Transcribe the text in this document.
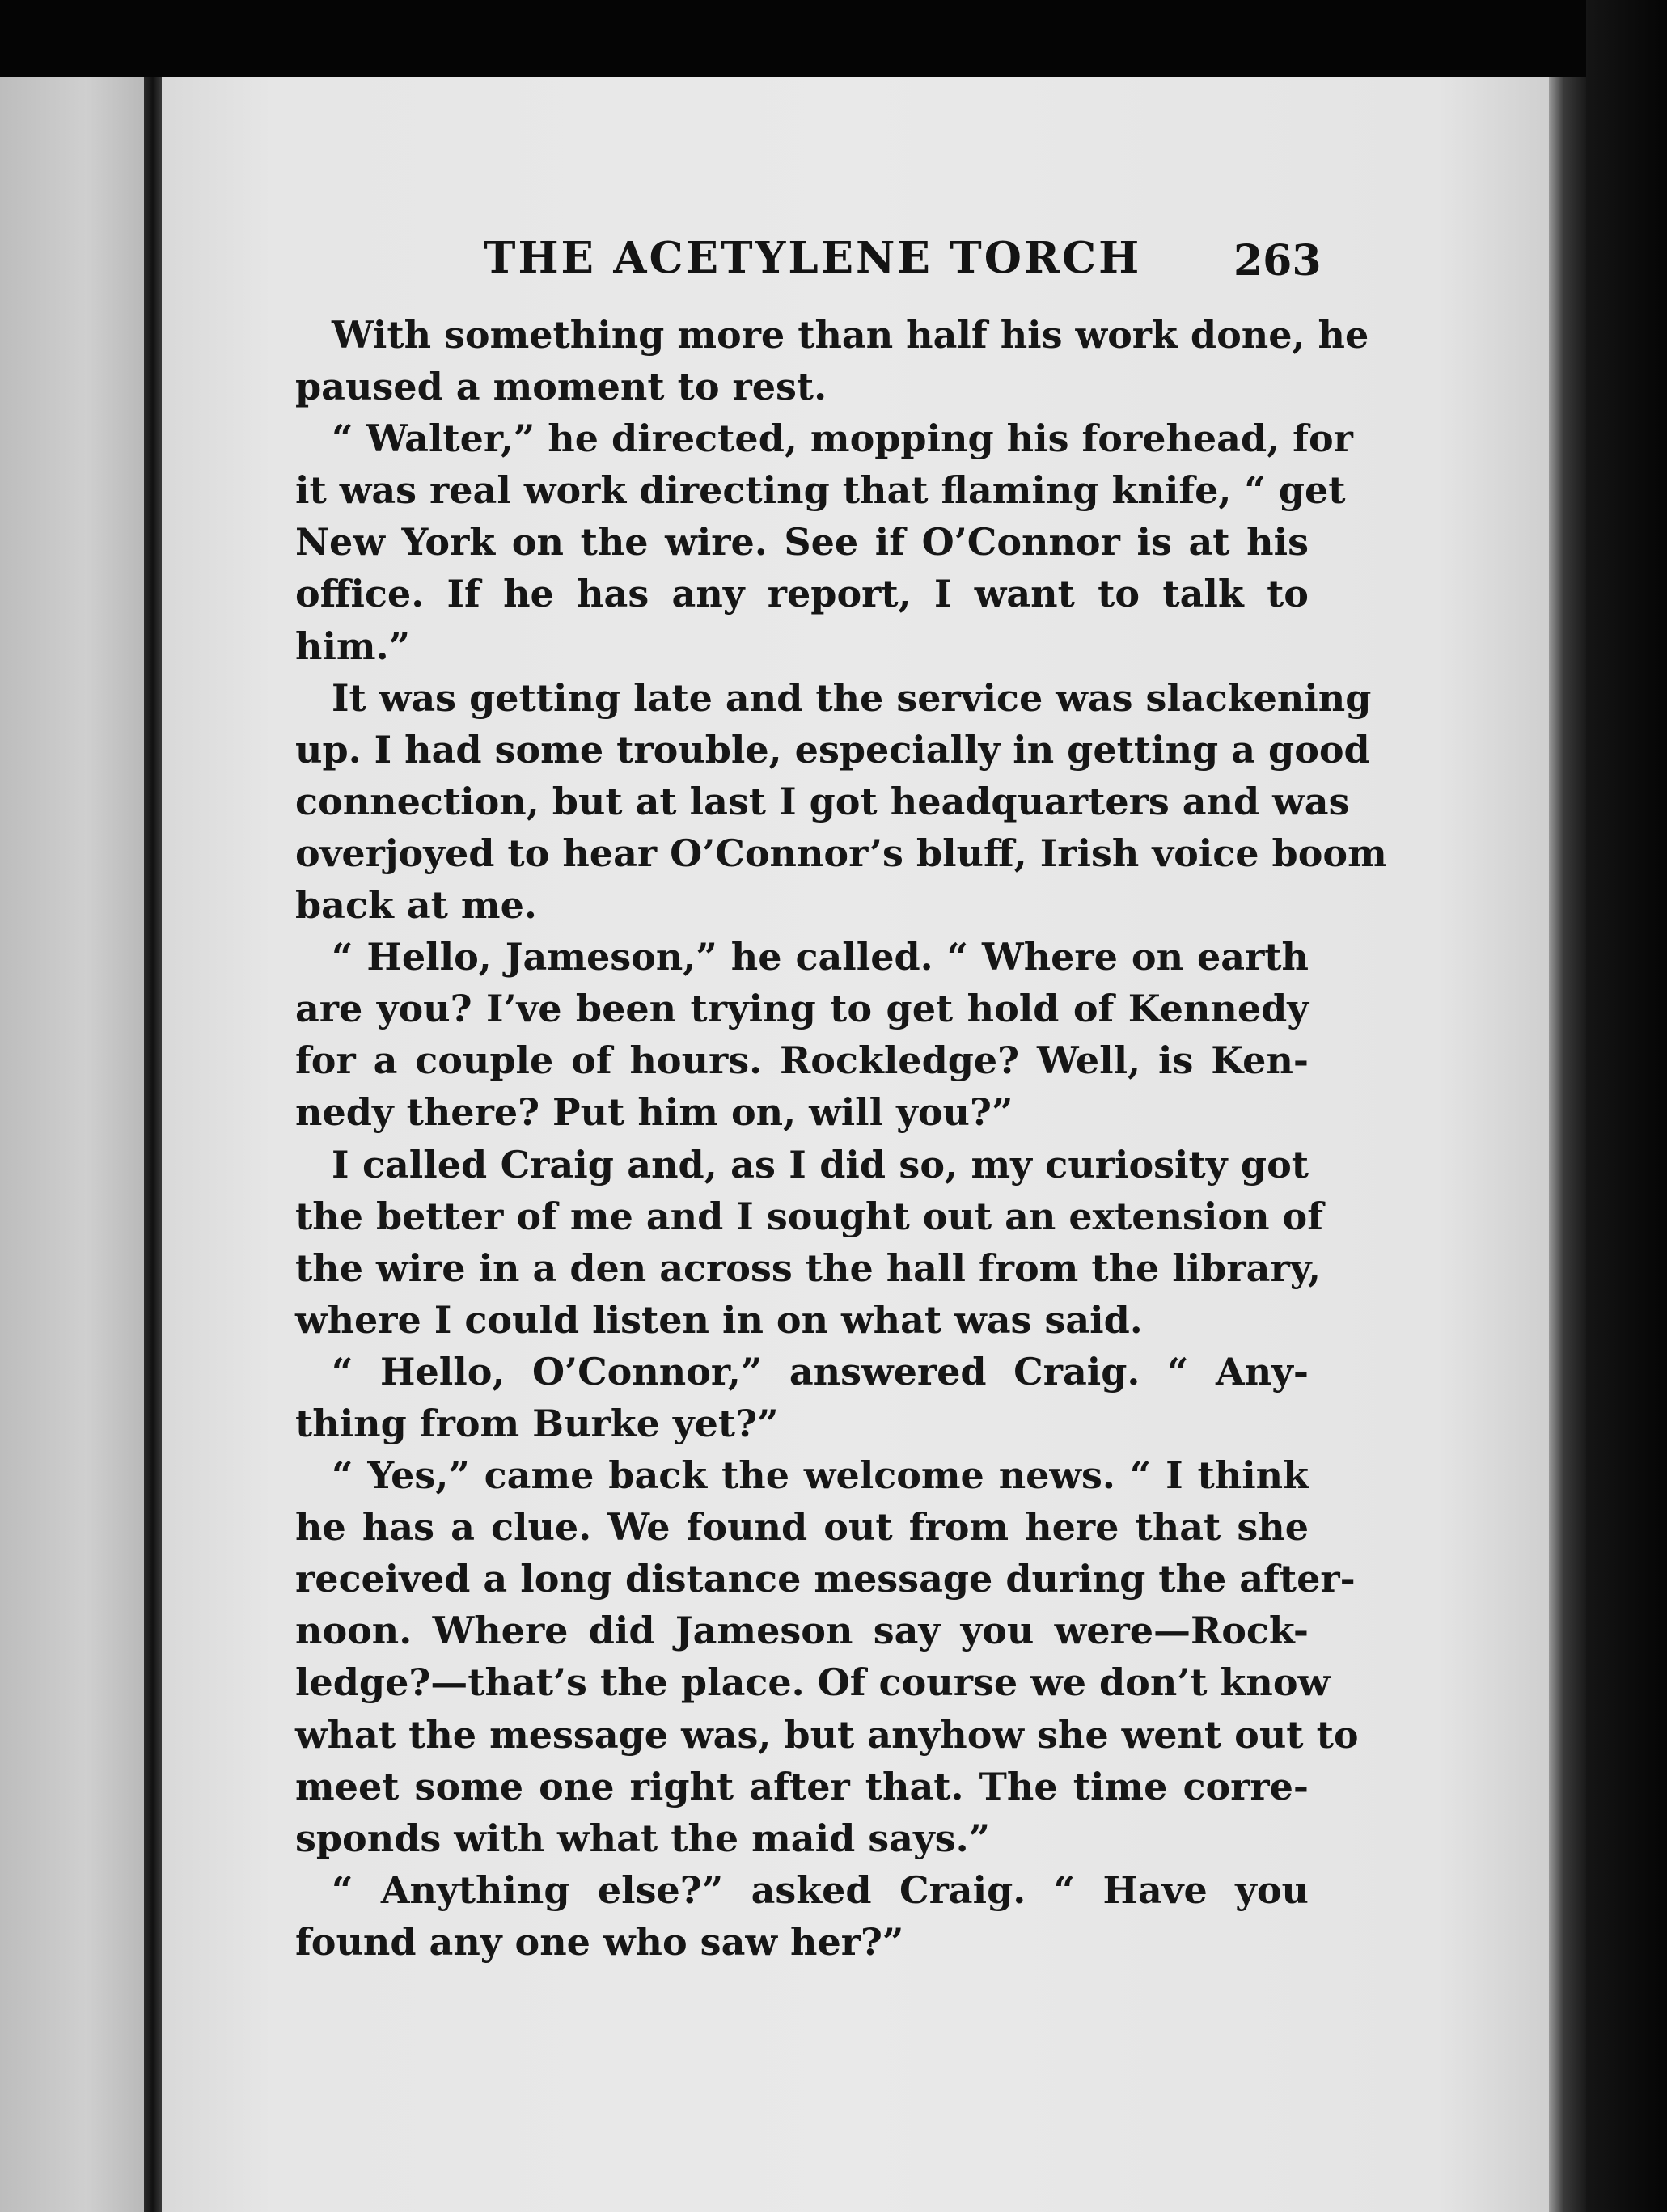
THE ACETYLENE TORCH	263
With something more than half his work done, he
paused a moment to rest.
“ Walter,” he directed, mopping his forehead, for
it was real work directing that flaming knife, “ get
New York on the wire. See if O’Connor is at his
office. If he has any report, I want to talk to
him.”
It was getting late and the service was slackening
up. I had some trouble, especially in getting a good
connection, but at last I got headquarters and was
overjoyed to hear O’Connor’s bluff, Irish voice boom
back at me.
“ Hello, Jameson,” he called. “ Where on earth
are you? I’ve been trying to get hold of Kennedy
for a couple of hours. Rockledge? Well, is Ken-
nedy there? Put him on, will you?”
I called Craig and, as I did so, my curiosity got
the better of me and I sought out an extension of
the wire in a den across the hall from the library,
where I could listen in on what was said.
“ Hello, O’Connor,” answered Craig. “ Any-
thing from Burke yet?”
“ Yes,” came back the welcome news. “ I think
he has a clue. We found out from here that she
received a long distance message during the after-
noon. Where did Jameson say you were—Rock-
ledge?—that’s the place. Of course we don’t know
what the message was, but anyhow she went out to
meet some one right after that. The time corre-
sponds with what the maid says.”
“ Anything else?” asked Craig. “ Have you
found any one who saw her?”
